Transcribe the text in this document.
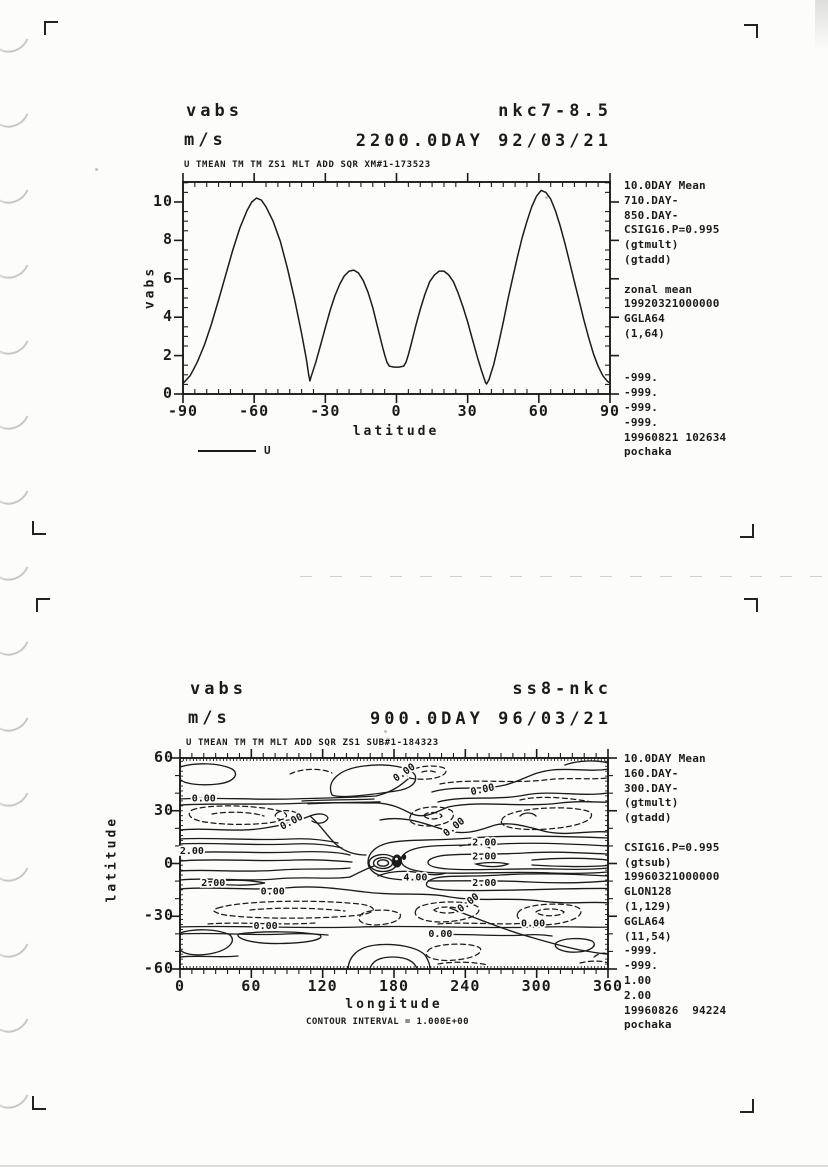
vabs
m/s
nkc7-8.5
2200.0DAY 92/03/21
U TMEAN TM TM ZS1 MLT ADD SQR XM#1-173523
vabs
latitude
U
10.0DAY Mean
710.DAY-
850.DAY-
CSIG16.P=0.995
(gtmult)
(gtadd)

zonal mean
19920321000000
GGLA64
(1,64)

-999.
-999.
-999.
-999.
19960821 102634
pochaka
vabs
m/s
ss8-nkc
900.0DAY 96/03/21
U TMEAN TM TM MLT ADD SQR ZS1 SUB#1-184323
0.00
0.00
0.00
0.00	0.00
2.00
2.00
2.00
2.00
2.00
4.00
0.00	0.00
0.00
0.00
0.00
latitude
longitude
CONTOUR INTERVAL = 1.000E+00
10.0DAY Mean
160.DAY-
300.DAY-
(gtmult)
(gtadd)

CSIG16.P=0.995
(gtsub)
19960321000000
GLON128
(1,129)
GGLA64
(11,54)
-999.
-999.
1.00
2.00
19960826  94224
pochaka
-90	-60	-30	0	30	60	90
0
2
4
6
8
10
0	60	120	180	240	300	360
-60
-30
0
30
60
